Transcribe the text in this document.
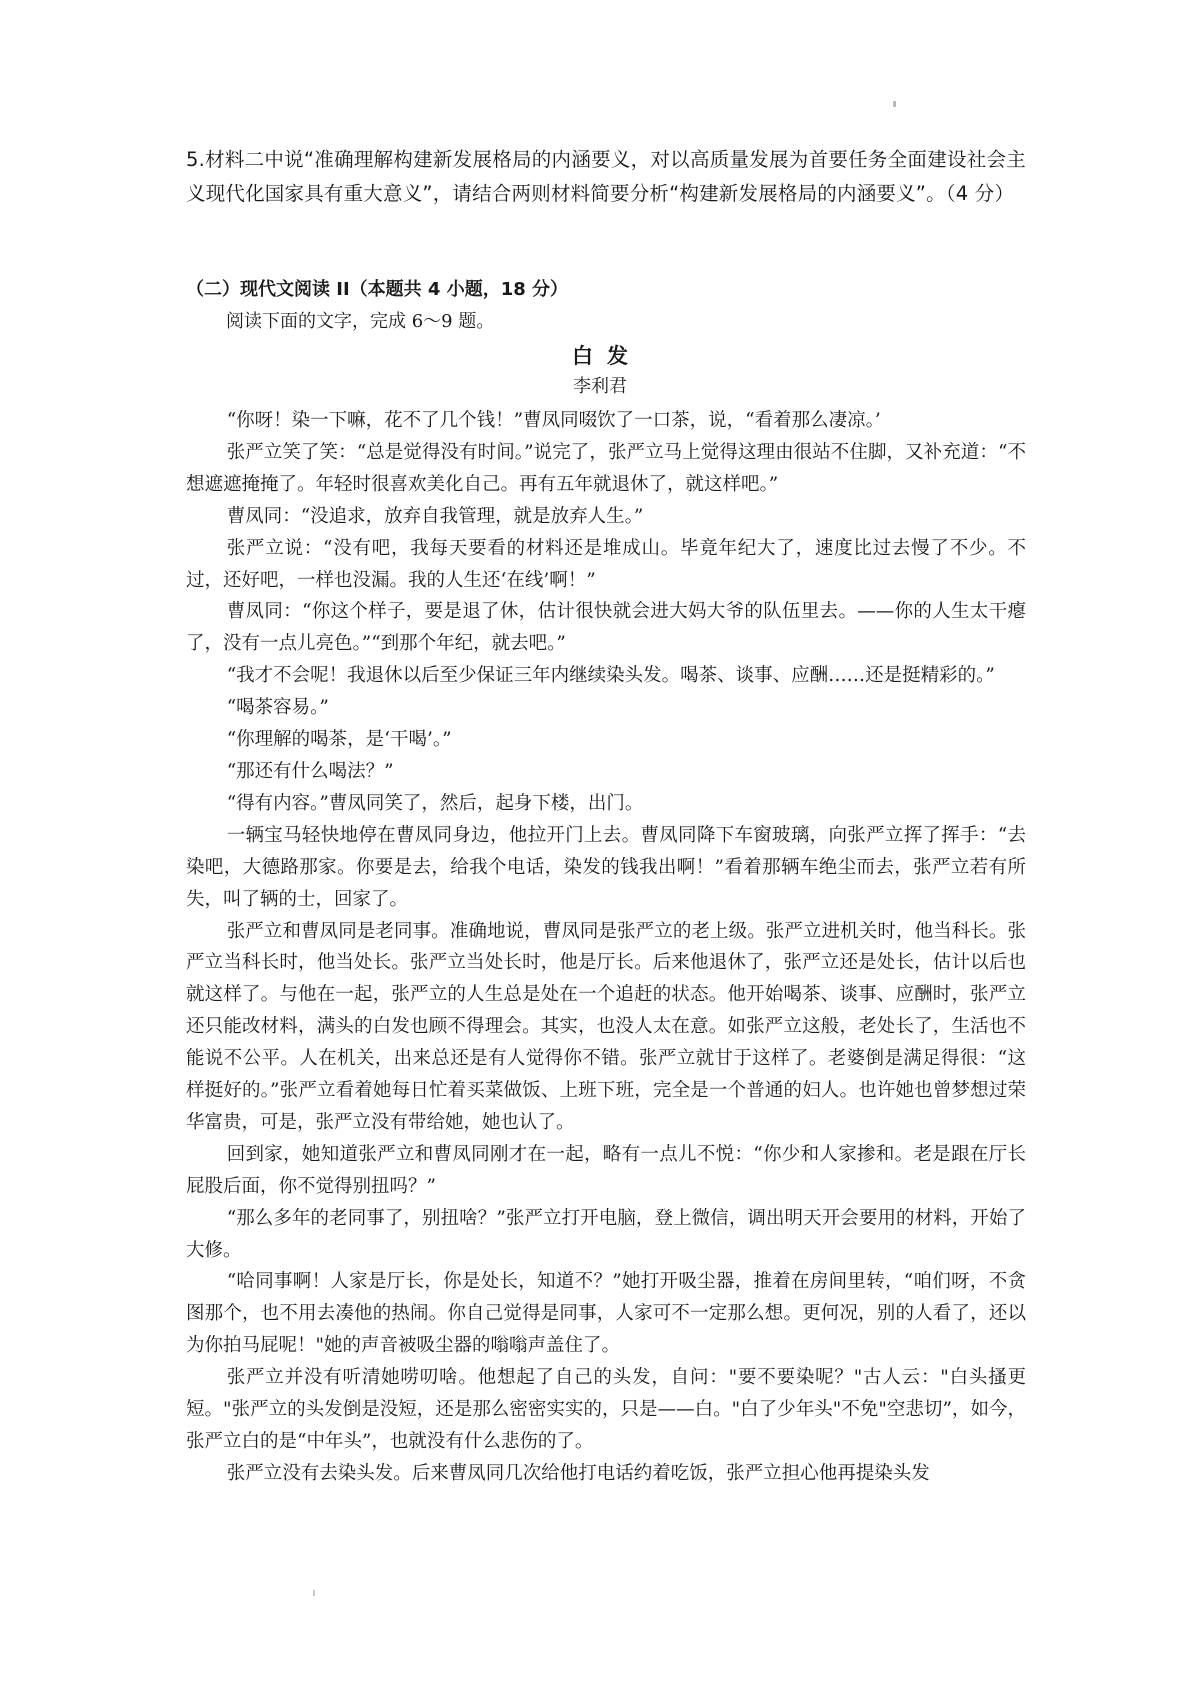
5.材料二中说“准确理解构建新发展格局的内涵要义，对以高质量发展为首要任务全面建设社会主义现代化国家具有重大意义”，请结合两则材料简要分析“构建新发展格局的内涵要义”。（4 分）
（二）现代文阅读 II（本题共 4 小题，18 分）
阅读下面的文字，完成 6～9 题。
白发
李利君

“你呀！染一下嘛，花不了几个钱！”曹凤同啜饮了一口茶，说，“看着那么凄凉。’

张严立笑了笑：“总是觉得没有时间。”说完了，张严立马上觉得这理由很站不住脚，又补充道：“不想遮遮掩掩了。年轻时很喜欢美化自己。再有五年就退休了，就这样吧。”

曹凤同：“没追求，放弃自我管理，就是放弃人生。”

张严立说：“没有吧，我每天要看的材料还是堆成山。毕竟年纪大了，速度比过去慢了不少。不过，还好吧，一样也没漏。我的人生还‘在线’啊！”

曹凤同：“你这个样子，要是退了休，估计很快就会进大妈大爷的队伍里去。——你的人生太干瘪了，没有一点儿亮色。”“到那个年纪，就去吧。”

“我才不会呢！我退休以后至少保证三年内继续染头发。喝茶、谈事、应酬……还是挺精彩的。”

“喝茶容易。”

“你理解的喝茶，是‘干喝’。”

“那还有什么喝法？”

“得有内容。”曹凤同笑了，然后，起身下楼，出门。

一辆宝马轻快地停在曹凤同身边，他拉开门上去。曹凤同降下车窗玻璃，向张严立挥了挥手：“去染吧，大德路那家。你要是去，给我个电话，染发的钱我出啊！”看着那辆车绝尘而去，张严立若有所失，叫了辆的士，回家了。

张严立和曹凤同是老同事。准确地说，曹凤同是张严立的老上级。张严立进机关时，他当科长。张严立当科长时，他当处长。张严立当处长时，他是厅长。后来他退休了，张严立还是处长，估计以后也就这样了。与他在一起，张严立的人生总是处在一个追赶的状态。他开始喝茶、谈事、应酬时，张严立还只能改材料，满头的白发也顾不得理会。其实，也没人太在意。如张严立这般，老处长了，生活也不能说不公平。人在机关，出来总还是有人觉得你不错。张严立就甘于这样了。老婆倒是满足得很：“这样挺好的。”张严立看着她每日忙着买菜做饭、上班下班，完全是一个普通的妇人。也许她也曾梦想过荣华富贵，可是，张严立没有带给她，她也认了。

回到家，她知道张严立和曹凤同刚才在一起，略有一点儿不悦：“你少和人家掺和。老是跟在厅长屁股后面，你不觉得别扭吗？”

“那么多年的老同事了，别扭啥？”张严立打开电脑，登上微信，调出明天开会要用的材料，开始了大修。

“哈同事啊！人家是厅长，你是处长，知道不？”她打开吸尘器，推着在房间里转，“咱们呀，不贪图那个，也不用去凑他的热闹。你自己觉得是同事，人家可不一定那么想。更何况，别的人看了，还以为你拍马屁呢！"她的声音被吸尘器的嗡嗡声盖住了。

张严立并没有听清她唠叨啥。他想起了自己的头发，自问："要不要染呢？"古人云："白头搔更短。"张严立的头发倒是没短，还是那么密密实实的，只是——白。"白了少年头"不免"空悲切”，如今，张严立白的是“中年头”，也就没有什么悲伤的了。

张严立没有去染头发。后来曹凤同几次给他打电话约着吃饭，张严立担心他再提染头发
